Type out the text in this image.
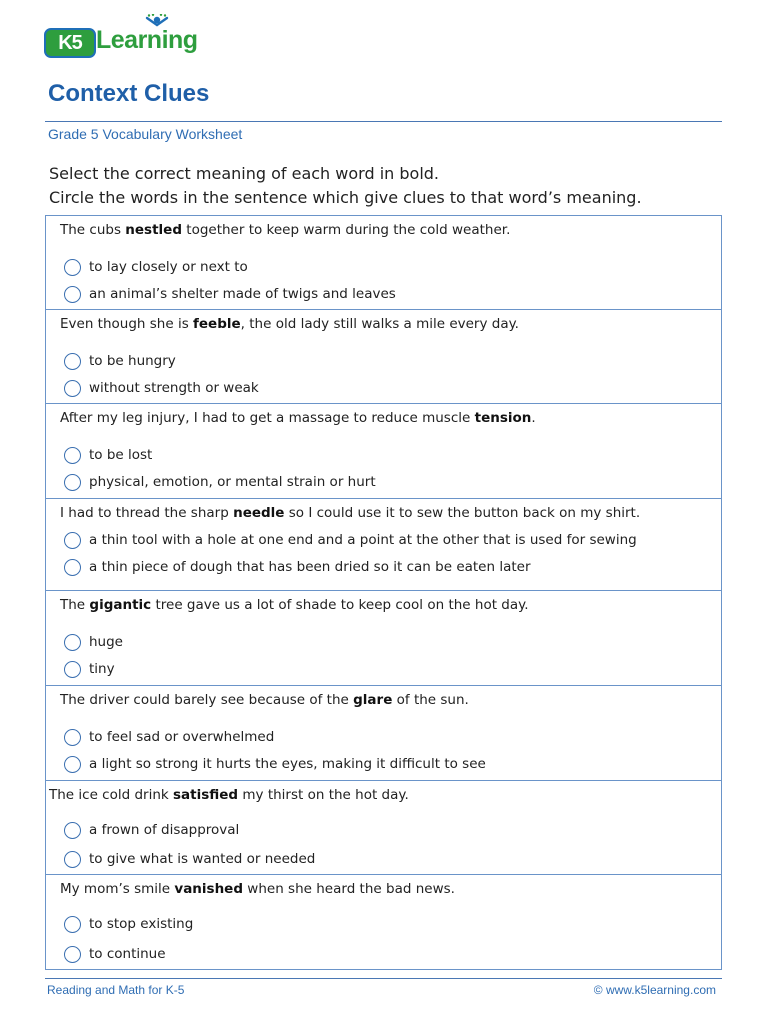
K5 Learning
Context Clues
Grade 5 Vocabulary Worksheet
Select the correct meaning of each word in bold.
Circle the words in the sentence which give clues to that word’s meaning.
The cubs nestled together to keep warm during the cold weather.
to lay closely or next to
an animal’s shelter made of twigs and leaves
Even though she is feeble, the old lady still walks a mile every day.
to be hungry
without strength or weak
After my leg injury, I had to get a massage to reduce muscle tension.
to be lost
physical, emotion, or mental strain or hurt
I had to thread the sharp needle so I could use it to sew the button back on my shirt.
a thin tool with a hole at one end and a point at the other that is used for sewing
a thin piece of dough that has been dried so it can be eaten later
The gigantic tree gave us a lot of shade to keep cool on the hot day.
huge
tiny
The driver could barely see because of the glare of the sun.
to feel sad or overwhelmed
a light so strong it hurts the eyes, making it difficult to see
The ice cold drink satisfied my thirst on the hot day.
a frown of disapproval
to give what is wanted or needed
My mom’s smile vanished when she heard the bad news.
to stop existing
to continue
Reading and Math for K-5	© www.k5learning.com
